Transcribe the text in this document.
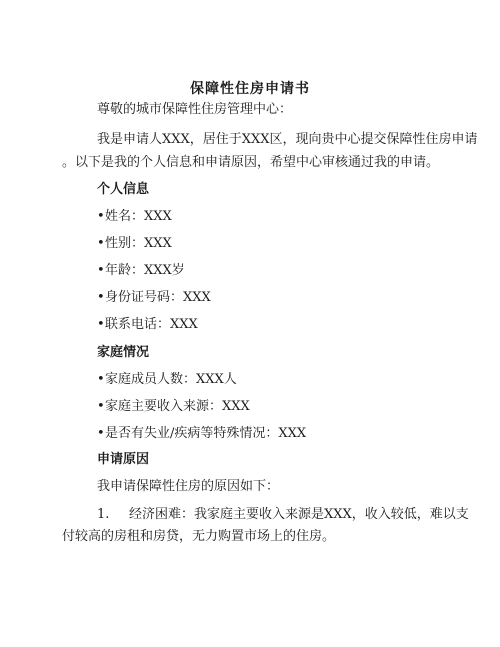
保障性住房申请书
尊敬的城市保障性住房管理中心：
我是申请人XXX，居住于XXX区，现向贵中心提交保障性住房申请
。以下是我的个人信息和申请原因，希望中心审核通过我的申请。
个人信息
•姓名：XXX
•性别：XXX
•年龄：XXX岁
•身份证号码：XXX
•联系电话：XXX
家庭情况
•家庭成员人数：XXX人
•家庭主要收入来源：XXX
•是否有失业/疾病等特殊情况：XXX
申请原因
我申请保障性住房的原因如下：
1. 经济困难：我家庭主要收入来源是XXX，收入较低，难以支
付较高的房租和房贷，无力购置市场上的住房。
